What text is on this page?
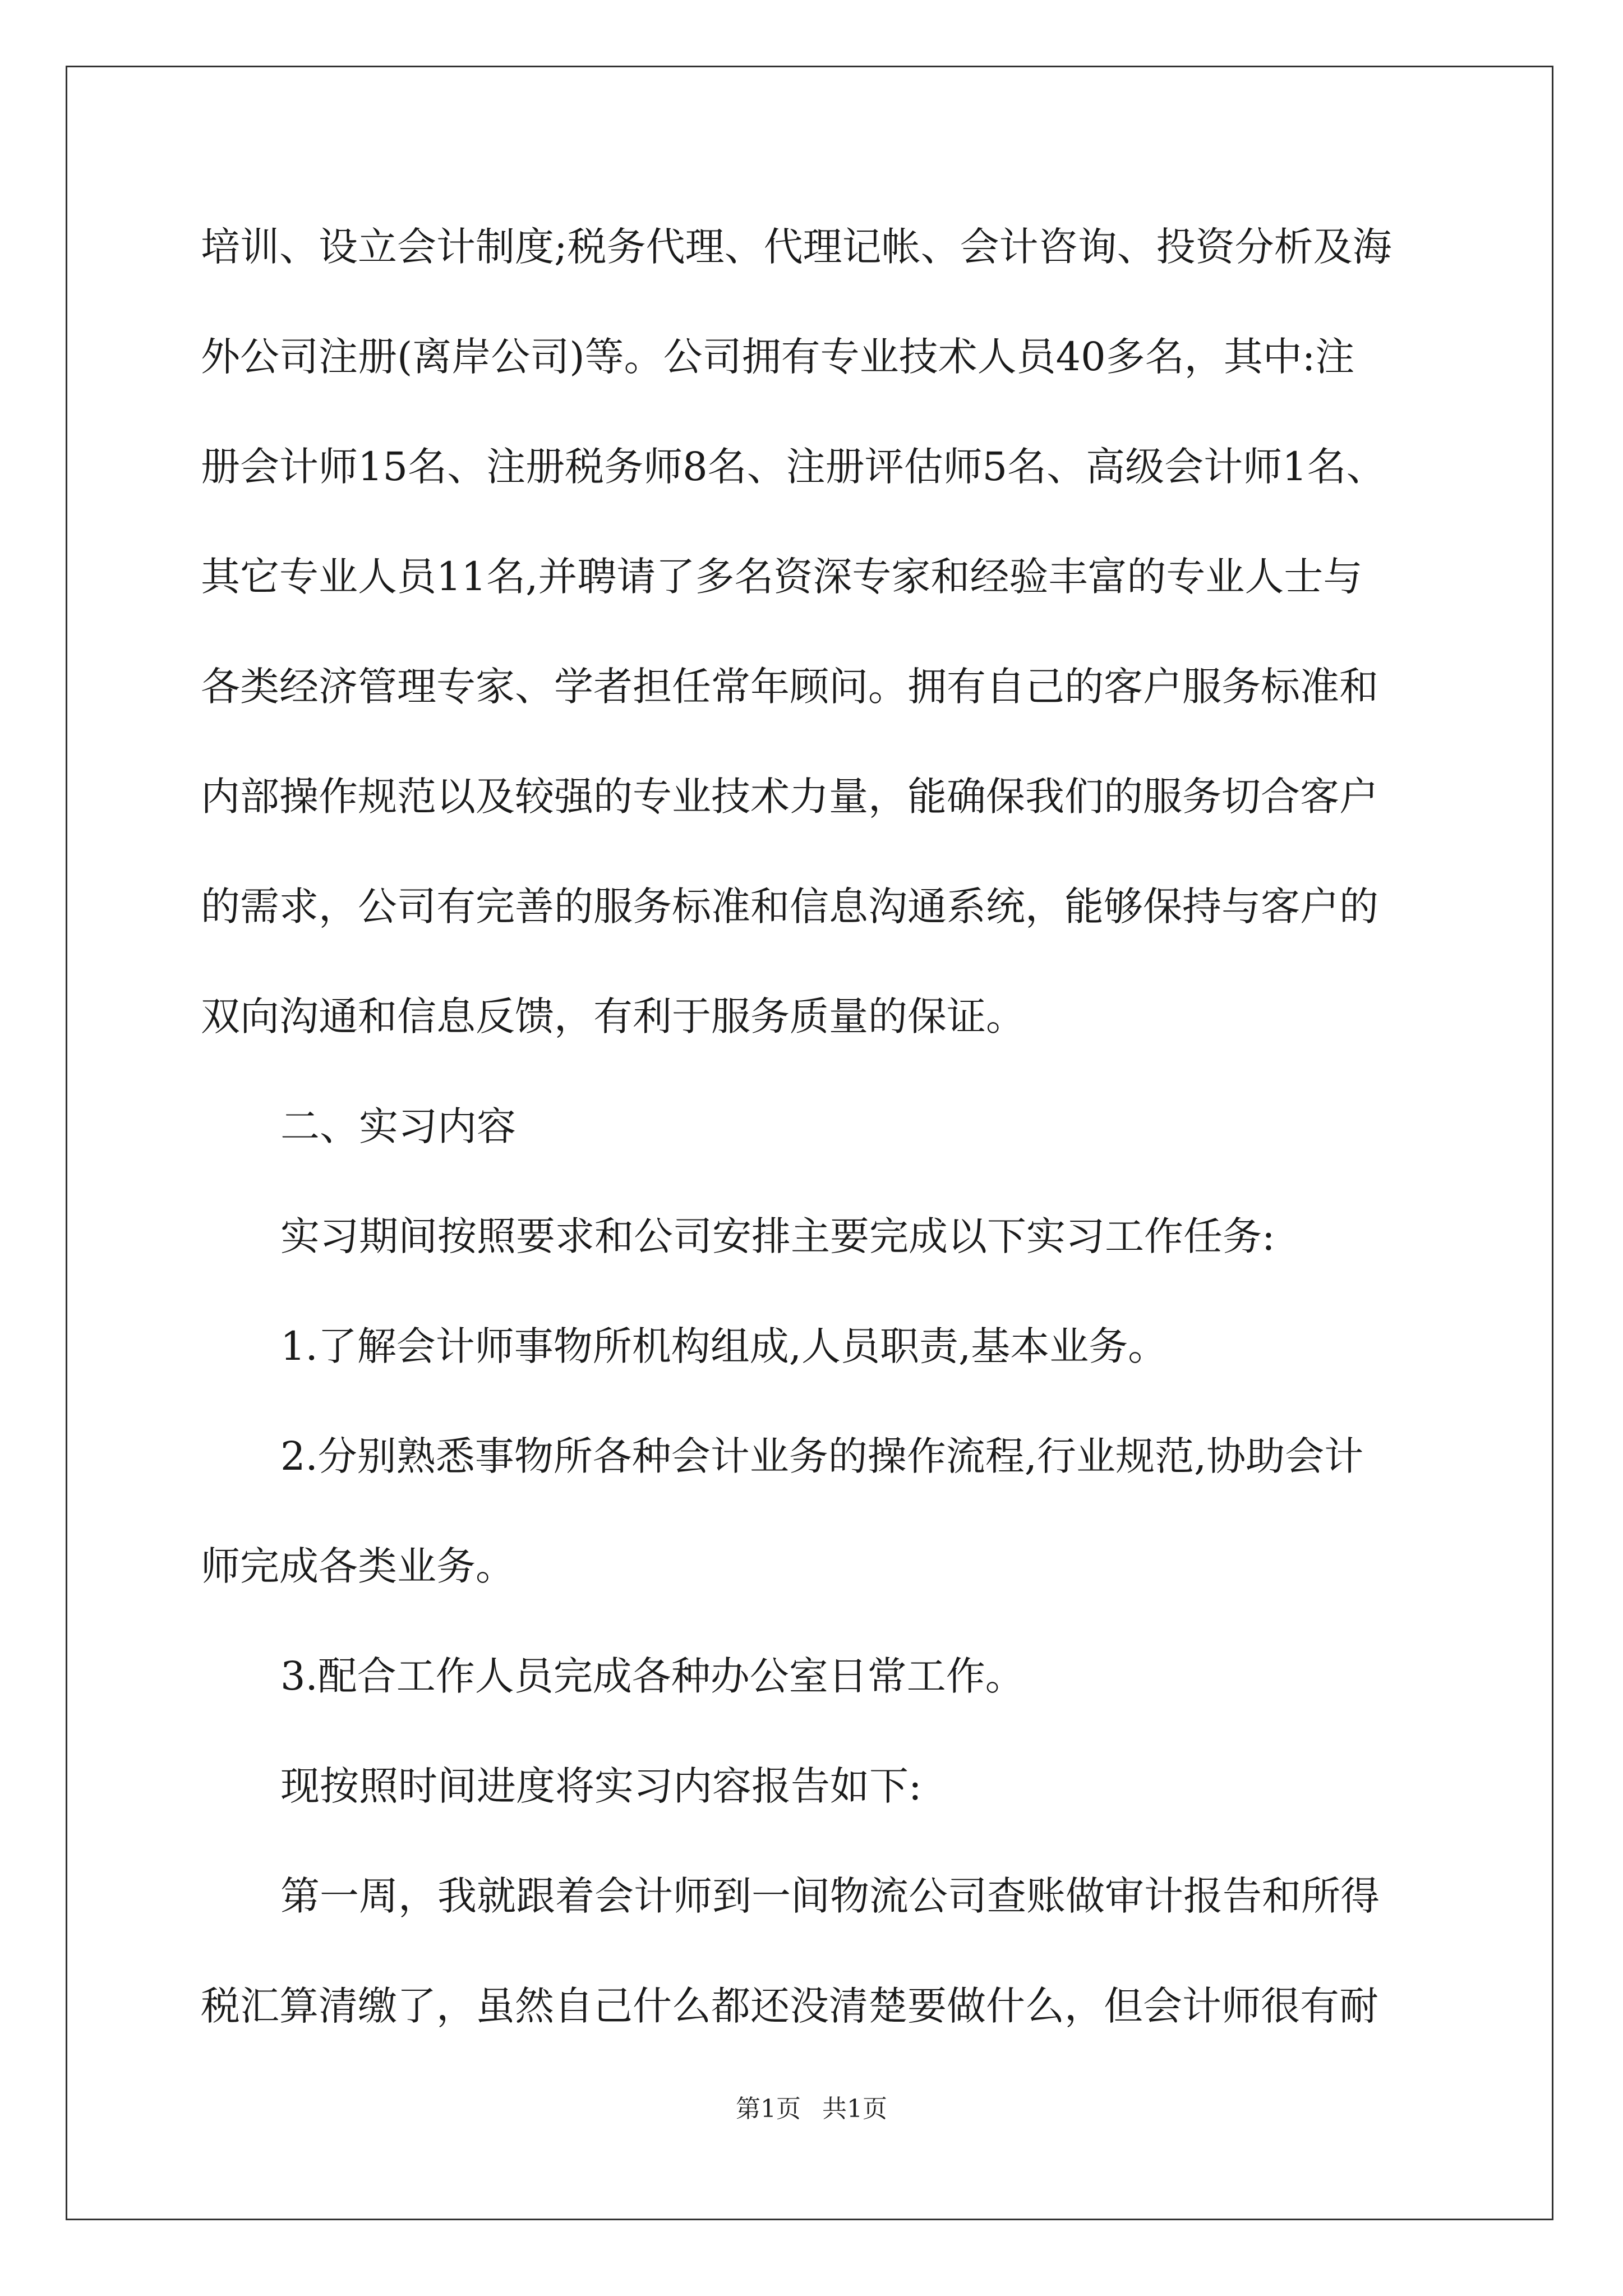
培训、设立会计制度;税务代理、代理记帐、会计咨询、投资分析及海
外公司注册(离岸公司)等。公司拥有专业技术人员40多名，其中:注
册会计师15名、注册税务师8名、注册评估师5名、高级会计师1名、
其它专业人员11名,并聘请了多名资深专家和经验丰富的专业人士与
各类经济管理专家、学者担任常年顾问。拥有自己的客户服务标准和
内部操作规范以及较强的专业技术力量，能确保我们的服务切合客户
的需求，公司有完善的服务标准和信息沟通系统，能够保持与客户的
双向沟通和信息反馈，有利于服务质量的保证。
二、实习内容
实习期间按照要求和公司安排主要完成以下实习工作任务:
1.了解会计师事物所机构组成,人员职责,基本业务。
2.分别熟悉事物所各种会计业务的操作流程,行业规范,协助会计
师完成各类业务。
3.配合工作人员完成各种办公室日常工作。
现按照时间进度将实习内容报告如下:
第一周，我就跟着会计师到一间物流公司查账做审计报告和所得
税汇算清缴了，虽然自己什么都还没清楚要做什么，但会计师很有耐
第1页 共1页
